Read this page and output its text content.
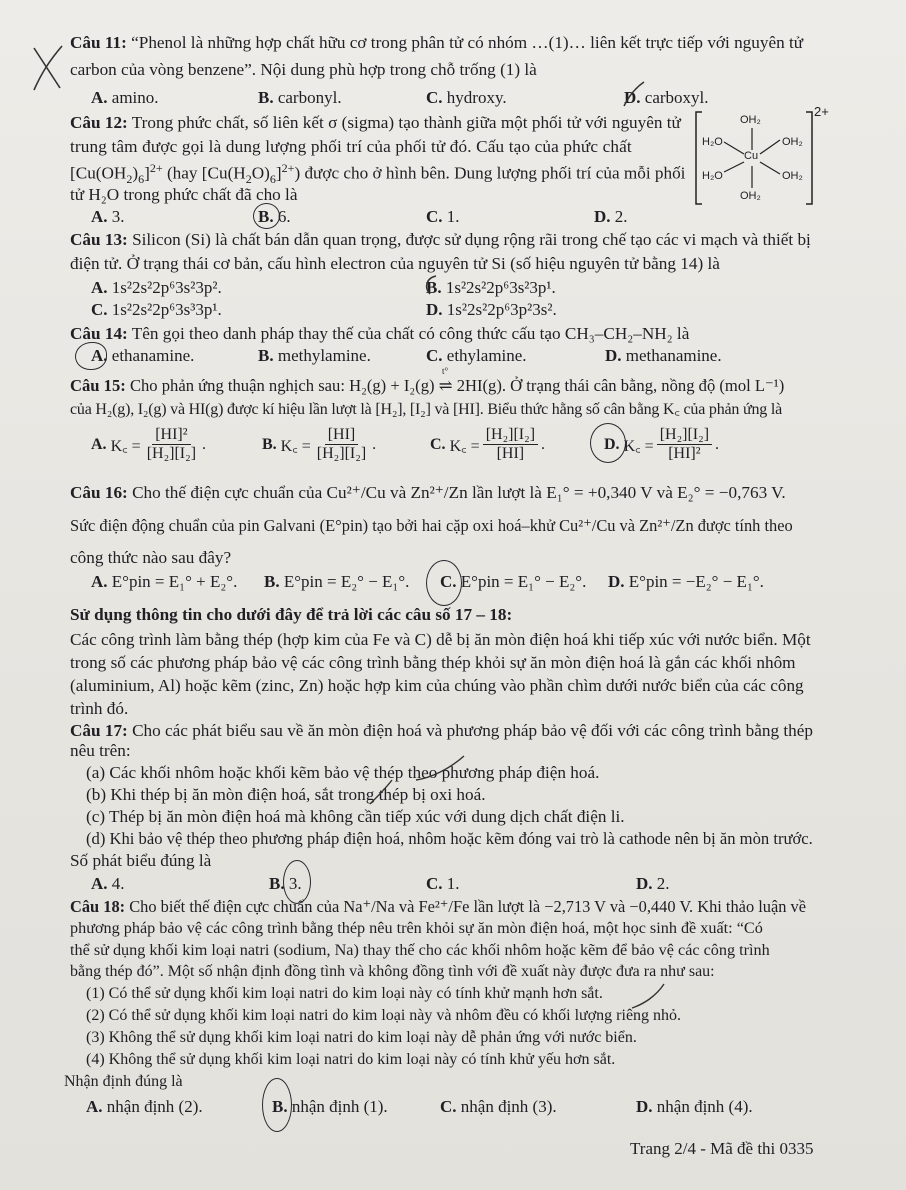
Câu 11: “Phenol là những hợp chất hữu cơ trong phân tử có nhóm …(1)… liên kết trực tiếp với nguyên tử
carbon của vòng benzene”. Nội dung phù hợp trong chỗ trống (1) là
A. amino.	B. carbonyl.	C. hydroxy.	D. carboxyl.
Câu 12: Trong phức chất, số liên kết σ (sigma) tạo thành giữa một phối tử với nguyên tử
trung tâm được gọi là dung lượng phối trí của phối tử đó. Cấu tạo của phức chất
$[Cu(OH_2)_6]^{2+}$ (hay $[Cu(H_2O)_6]^{2+}$) được cho ở hình bên. Dung lượng phối trí của mỗi phối
tử H₂O trong phức chất đã cho là
A. 3.	B. 6.	C. 1.	D. 2.
2+
Cu
OH₂
H₂O	OH₂
H₂O	OH₂
OH₂
Câu 13: Silicon (Si) là chất bán dẫn quan trọng, được sử dụng rộng rãi trong chế tạo các vi mạch và thiết bị
điện tử. Ở trạng thái cơ bản, cấu hình electron của nguyên tử Si (số hiệu nguyên tử bằng 14) là
A. 1s²2s²2p⁶3s²3p².	B. 1s²2s²2p⁶3s²3p¹.
C. 1s²2s²2p⁶3s³3p¹.	D. 1s²2s²2p⁶3p²3s².
Câu 14: Tên gọi theo danh pháp thay thế của chất có công thức cấu tạo CH₃–CH₂–NH₂ là
A. ethanamine.	B. methylamine.	C. ethylamine.	D. methanamine.
Câu 15: Cho phản ứng thuận nghịch sau: H₂(g) + I₂(g) ⇌ 2HI(g). Ở trạng thái cân bằng, nồng độ (mol L⁻¹)
t°
của H₂(g), I₂(g) và HI(g) được kí hiệu lần lượt là [H₂], [I₂] và [HI]. Biểu thức hằng số cân bằng K꜀ của phản ứng là
A.
K꜀ = $\frac{\text{[HI]²}}{\text{[H₂][I₂]}}$ .	B.
K꜀ = $\frac{[HI]}{\text{[H₂][I₂]}}$ .	C.
K꜀ = $\frac{\text{[H₂][I₂]}}{[HI]}$ .	D.
K꜀ = $\frac{\text{[H₂][I₂]}}{\text{[HI]²}}$ .
Câu 16: Cho thế điện cực chuẩn của Cu²⁺/Cu và Zn²⁺/Zn lần lượt là E₁° = +0,340 V và E₂° = −0,763 V.
Sức điện động chuẩn của pin Galvani (E°pin) tạo bởi hai cặp oxi hoá–khử Cu²⁺/Cu và Zn²⁺/Zn được tính theo
công thức nào sau đây?
A. E°pin = E₁° + E₂°. B. E°pin = E₂° − E₁°. C. E°pin = E₁° − E₂°. D. E°pin = −E₂° − E₁°.
Sử dụng thông tin cho dưới đây để trả lời các câu số 17 – 18:
Các công trình làm bằng thép (hợp kim của Fe và C) dễ bị ăn mòn điện hoá khi tiếp xúc với nước biển. Một
trong số các phương pháp bảo vệ các công trình bằng thép khỏi sự ăn mòn điện hoá là gắn các khối nhôm
(aluminium, Al) hoặc kẽm (zinc, Zn) hoặc hợp kim của chúng vào phần chìm dưới nước biển của các công
trình đó.
Câu 17: Cho các phát biểu sau về ăn mòn điện hoá và phương pháp bảo vệ đối với các công trình bằng thép
nêu trên:
(a) Các khối nhôm hoặc khối kẽm bảo vệ thép theo phương pháp điện hoá.
(b) Khi thép bị ăn mòn điện hoá, sắt trong thép bị oxi hoá.
(c) Thép bị ăn mòn điện hoá mà không cần tiếp xúc với dung dịch chất điện li.
(d) Khi bảo vệ thép theo phương pháp điện hoá, nhôm hoặc kẽm đóng vai trò là cathode nên bị ăn mòn trước.
Số phát biểu đúng là
A. 4.	B. 3.	C. 1.	D. 2.
Câu 18: Cho biết thế điện cực chuẩn của Na⁺/Na và Fe²⁺/Fe lần lượt là −2,713 V và −0,440 V. Khi thảo luận về
phương pháp bảo vệ các công trình bằng thép nêu trên khỏi sự ăn mòn điện hoá, một học sinh đề xuất: “Có
thể sử dụng khối kim loại natri (sodium, Na) thay thế cho các khối nhôm hoặc kẽm để bảo vệ các công trình
bằng thép đó”. Một số nhận định đồng tình và không đồng tình với đề xuất này được đưa ra như sau:
(1) Có thể sử dụng khối kim loại natri do kim loại này có tính khử mạnh hơn sắt.
(2) Có thể sử dụng khối kim loại natri do kim loại này và nhôm đều có khối lượng riêng nhỏ.
(3) Không thể sử dụng khối kim loại natri do kim loại này dễ phản ứng với nước biển.
(4) Không thể sử dụng khối kim loại natri do kim loại này có tính khử yếu hơn sắt.
Nhận định đúng là
A. nhận định (2).	B. nhận định (1).	C. nhận định (3).	D. nhận định (4).
Trang 2/4 - Mã đề thi 0335
